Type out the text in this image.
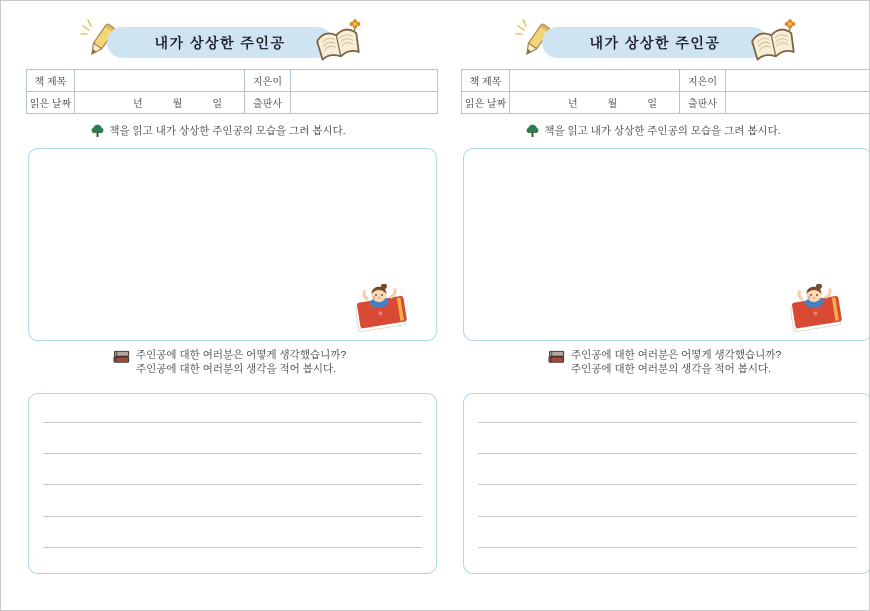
내가 상상한 주인공
책 제목		지은이	
읽은 날짜	년 월 일	출판사	
책을 읽고 내가 상상한 주인공의 모습을 그려 봅시다.
주인공에 대한 여러분은 어떻게 생각했습니까?
주인공에 대한 여러분의 생각을 적어 봅시다.
내가 상상한 주인공
책 제목		지은이	
읽은 날짜	년 월 일	출판사	
책을 읽고 내가 상상한 주인공의 모습을 그려 봅시다.
주인공에 대한 여러분은 어떻게 생각했습니까?
주인공에 대한 여러분의 생각을 적어 봅시다.
